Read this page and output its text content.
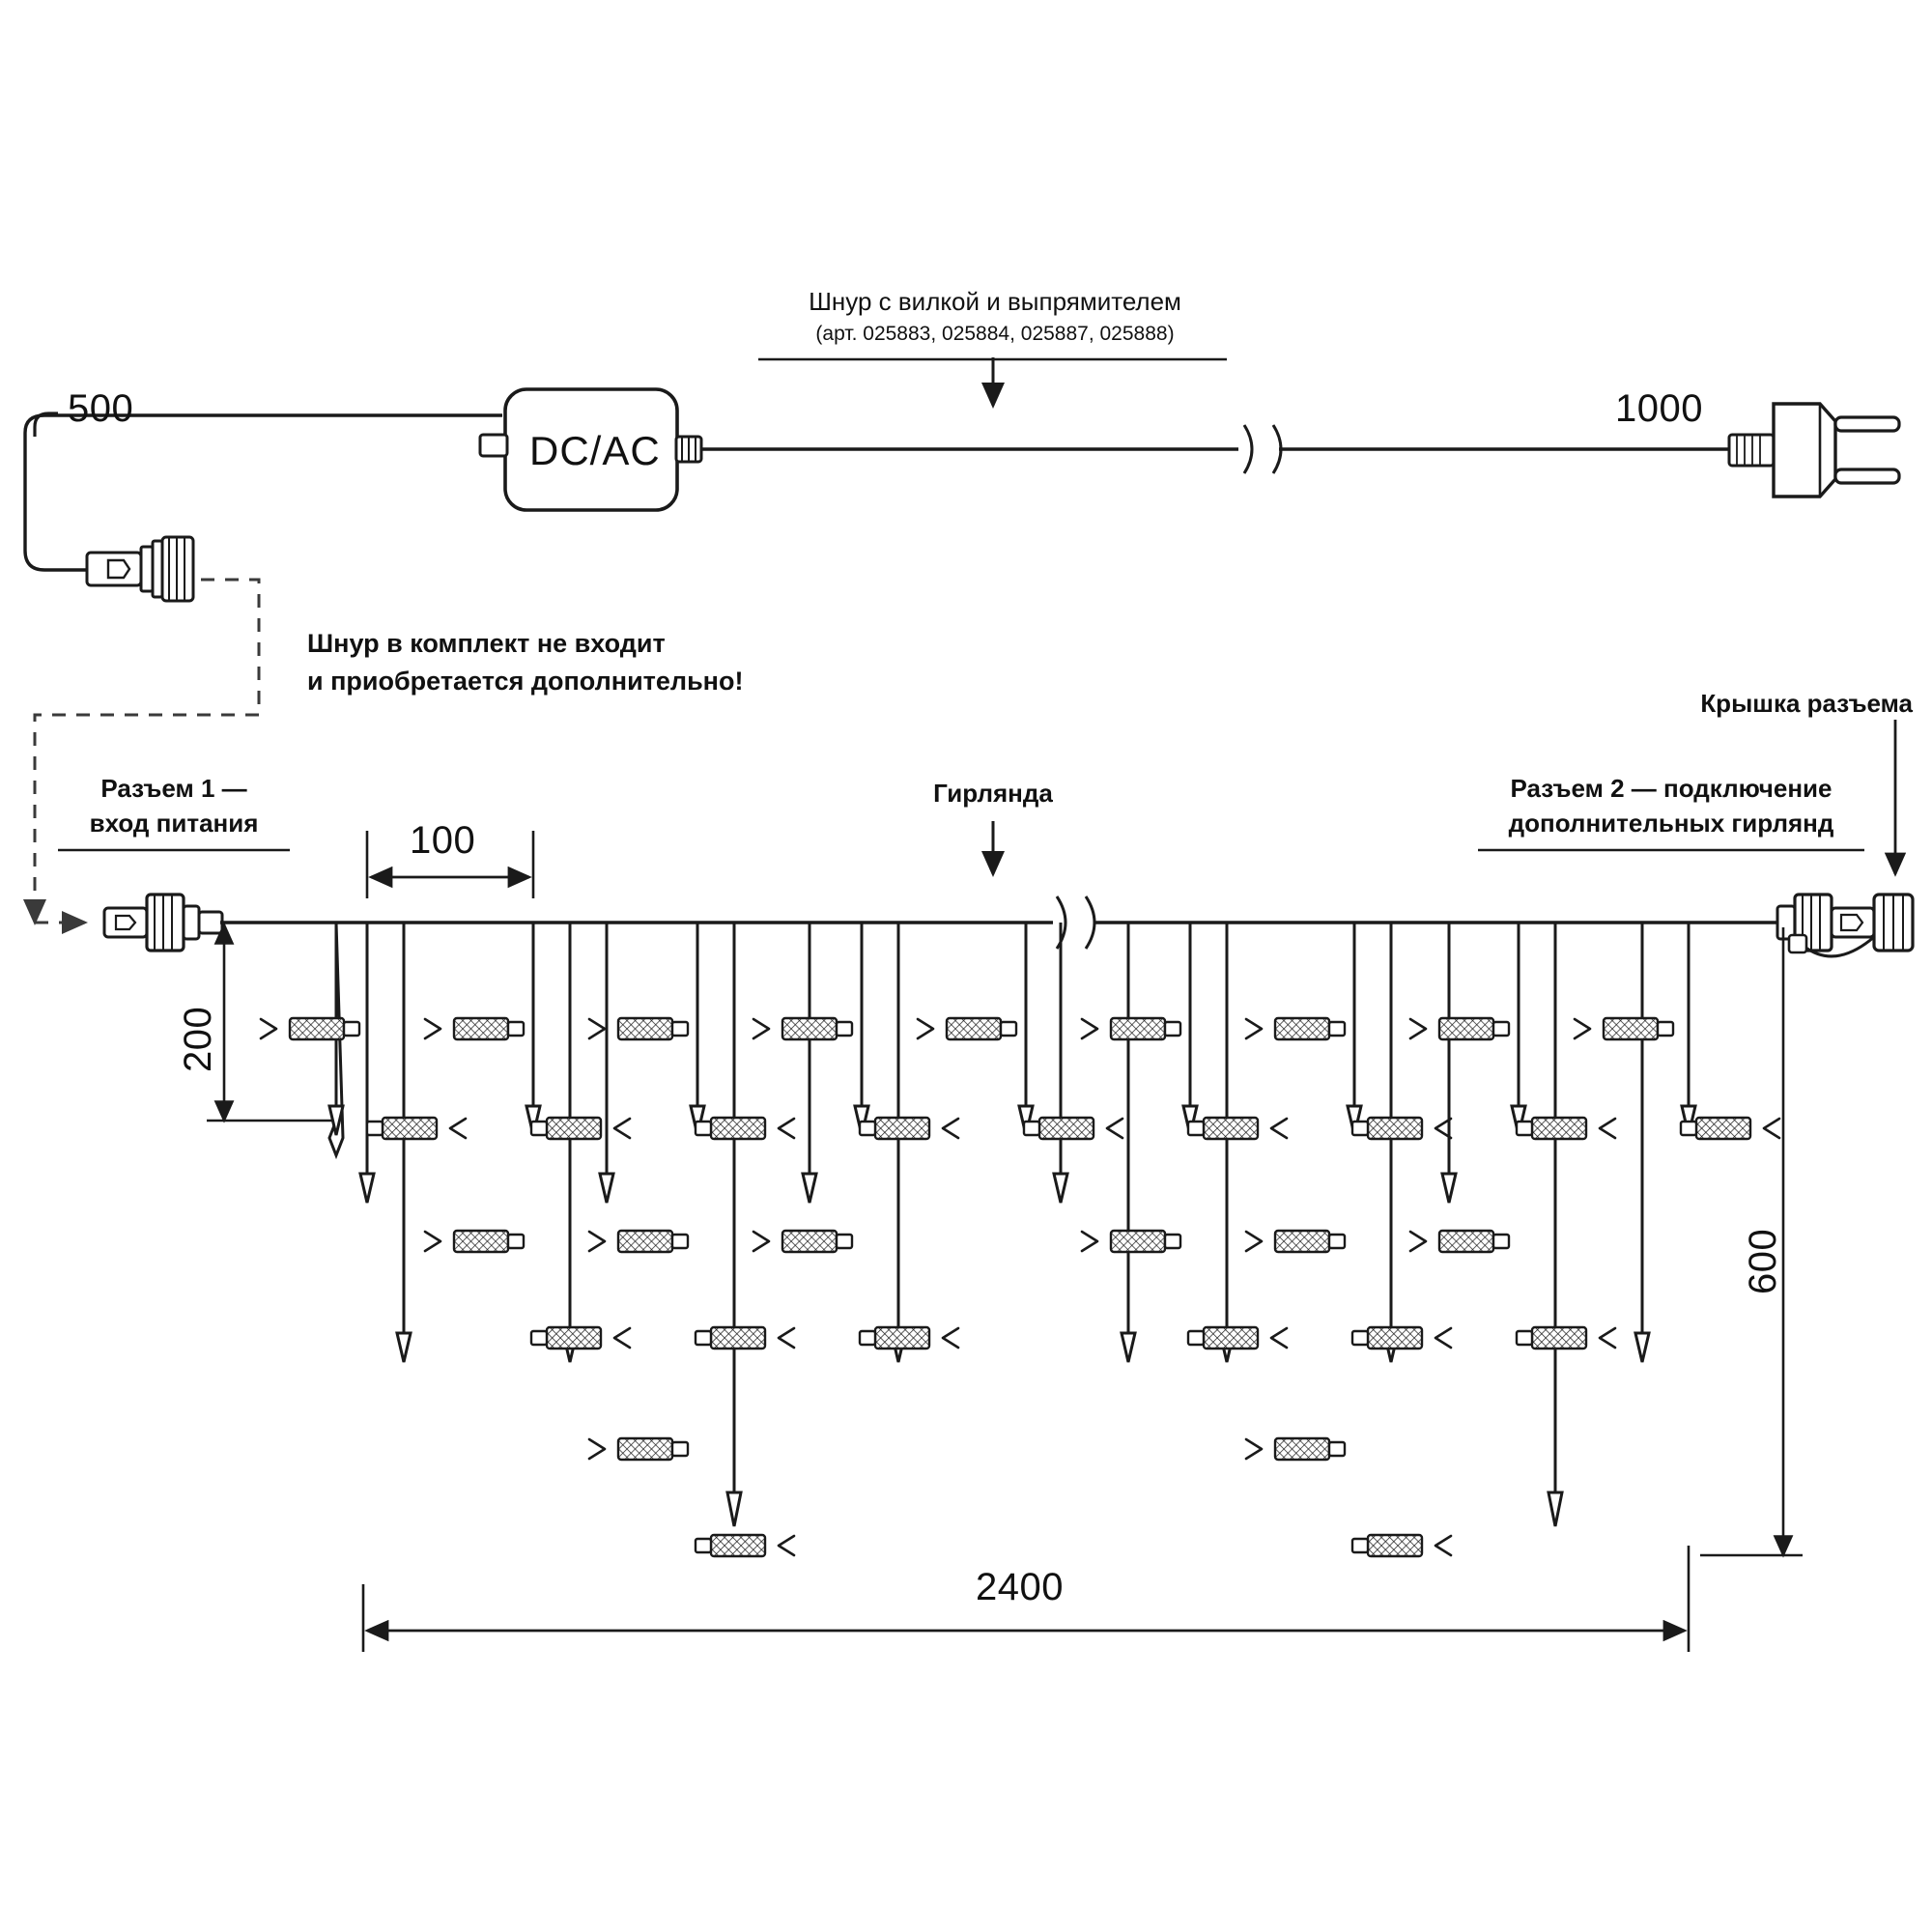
500	1000
DC/AC
Шнур с вилкой и выпрямителем
(арт. 025883, 025884, 025887, 025888)
Шнур в комплект не входит
и приобретается дополнительно!
Разъем 1 —
вход питания
Гирлянда	Разъем 2 — подключение
дополнительных гирлянд
Крышка разъема
100
200
600
2400
